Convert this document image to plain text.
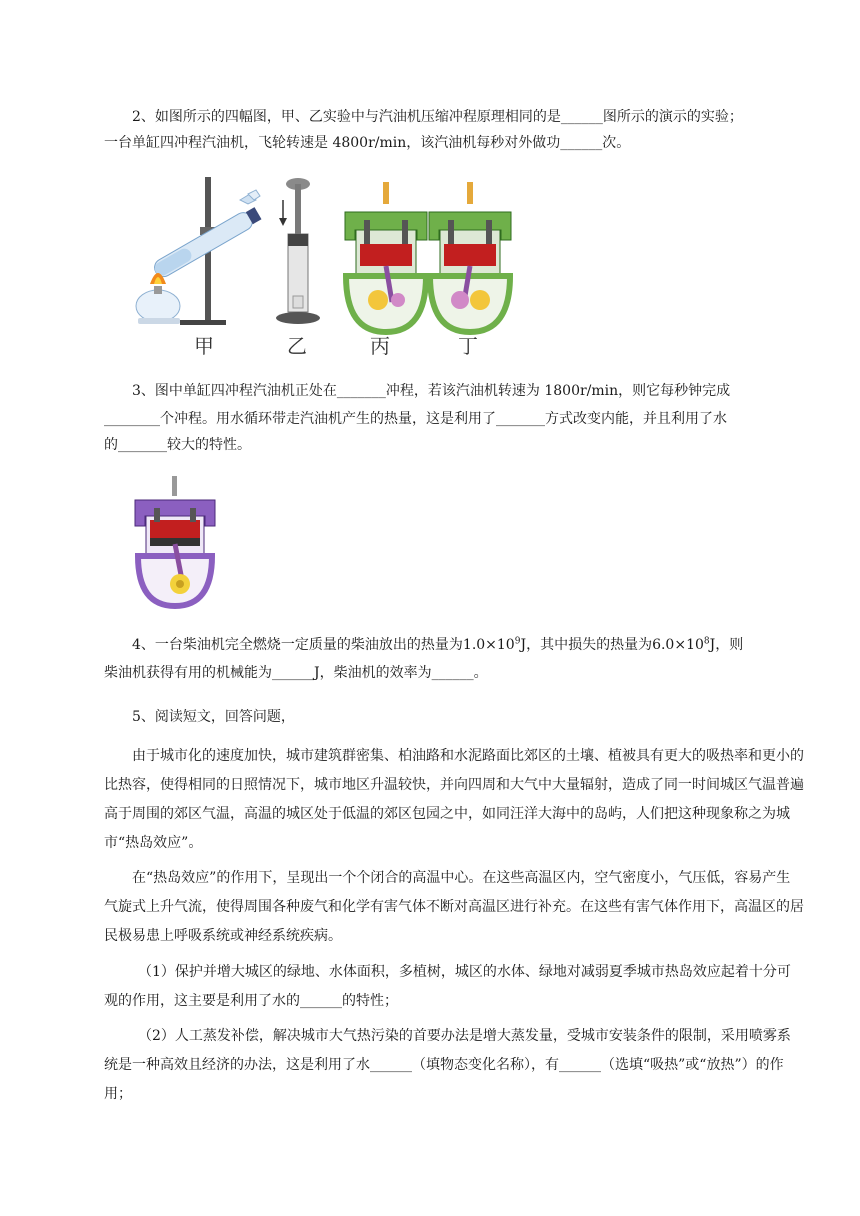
2、如图所示的四幅图，甲、乙实验中与汽油机压缩冲程原理相同的是______图所示的演示的实验；

一台单缸四冲程汽油机，飞轮转速是 4800r/min，该汽油机每秒对外做功______次。

甲	乙	丙	丁

3、图中单缸四冲程汽油机正处在_______冲程，若该汽油机转速为 1800r/min，则它每秒钟完成

________个冲程。用水循环带走汽油机产生的热量，这是利用了_______方式改变内能，并且利用了水

的_______较大的特性。

4、一台柴油机完全燃烧一定质量的柴油放出的热量为$1.0\times 10^9J$，其中损失的热量为$6.0\times 10^8J$，则

柴油机获得有用的机械能为______J，柴油机的效率为______。

5、阅读短文，回答问题，

由于城市化的速度加快，城市建筑群密集、柏油路和水泥路面比郊区的土壤、植被具有更大的吸热率和更小的比热容，使得相同的日照情况下，城市地区升温较快，并向四周和大气中大量辐射，造成了同一时间城区气温普遍高于周围的郊区气温，高温的城区处于低温的郊区包园之中，如同汪洋大海中的岛屿，人们把这种现象称之为城市“热岛效应”。

在“热岛效应”的作用下，呈现出一个个闭合的高温中心。在这些高温区内，空气密度小，气压低，容易产生气旋式上升气流，使得周围各种废气和化学有害气体不断对高温区进行补充。在这些有害气体作用下，高温区的居民极易患上呼吸系统或神经系统疾病。

（1）保护并增大城区的绿地、水体面积，多植树，城区的水体、绿地对减弱夏季城市热岛效应起着十分可观的作用，这主要是利用了水的______的特性；

（2）人工蒸发补偿，解决城市大气热污染的首要办法是增大蒸发量，受城市安装条件的限制，采用喷雾系统是一种高效且经济的办法，这是利用了水______（填物态变化名称），有______（选填“吸热”或“放热”）的作用；
